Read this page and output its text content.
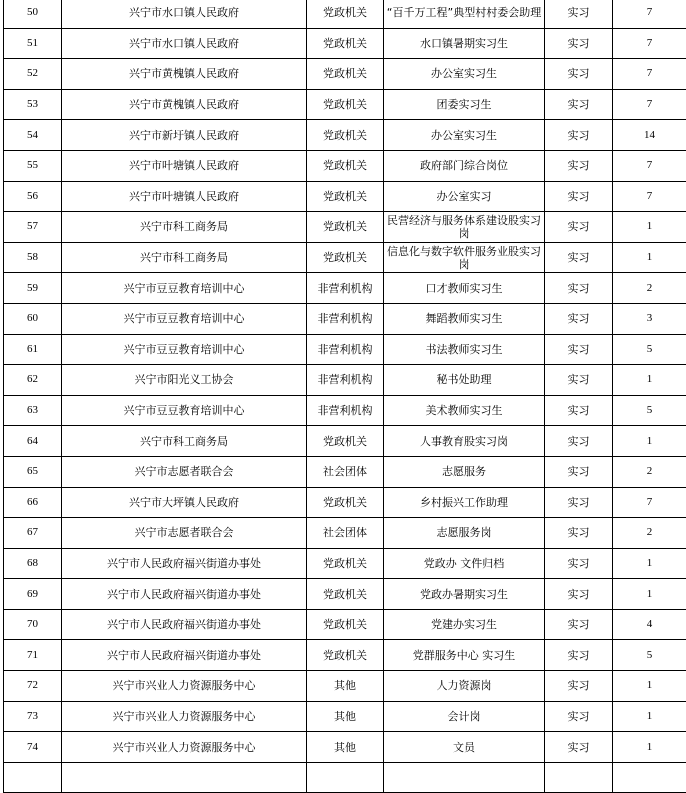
50	兴宁市水口镇人民政府	党政机关	“百千万工程”典型村村委会助理	实习	7
51	兴宁市水口镇人民政府	党政机关	水口镇暑期实习生	实习	7
52	兴宁市黄槐镇人民政府	党政机关	办公室实习生	实习	7
53	兴宁市黄槐镇人民政府	党政机关	团委实习生	实习	7
54	兴宁市新圩镇人民政府	党政机关	办公室实习生	实习	14
55	兴宁市叶塘镇人民政府	党政机关	政府部门综合岗位	实习	7
56	兴宁市叶塘镇人民政府	党政机关	办公室实习	实习	7
57	兴宁市科工商务局	党政机关	民营经济与服务体系建设股实习岗	实习	1
58	兴宁市科工商务局	党政机关	信息化与数字软件服务业股实习岗	实习	1
59	兴宁市豆豆教育培训中心	非营利机构	口才教师实习生	实习	2
60	兴宁市豆豆教育培训中心	非营利机构	舞蹈教师实习生	实习	3
61	兴宁市豆豆教育培训中心	非营利机构	书法教师实习生	实习	5
62	兴宁市阳光义工协会	非营利机构	秘书处助理	实习	1
63	兴宁市豆豆教育培训中心	非营利机构	美术教师实习生	实习	5
64	兴宁市科工商务局	党政机关	人事教育股实习岗	实习	1
65	兴宁市志愿者联合会	社会团体	志愿服务	实习	2
66	兴宁市大坪镇人民政府	党政机关	乡村振兴工作助理	实习	7
67	兴宁市志愿者联合会	社会团体	志愿服务岗	实习	2
68	兴宁市人民政府福兴街道办事处	党政机关	党政办 文件归档	实习	1
69	兴宁市人民政府福兴街道办事处	党政机关	党政办暑期实习生	实习	1
70	兴宁市人民政府福兴街道办事处	党政机关	党建办实习生	实习	4
71	兴宁市人民政府福兴街道办事处	党政机关	党群服务中心 实习生	实习	5
72	兴宁市兴业人力资源服务中心	其他	人力资源岗	实习	1
73	兴宁市兴业人力资源服务中心	其他	会计岗	实习	1
74	兴宁市兴业人力资源服务中心	其他	文员	实习	1
